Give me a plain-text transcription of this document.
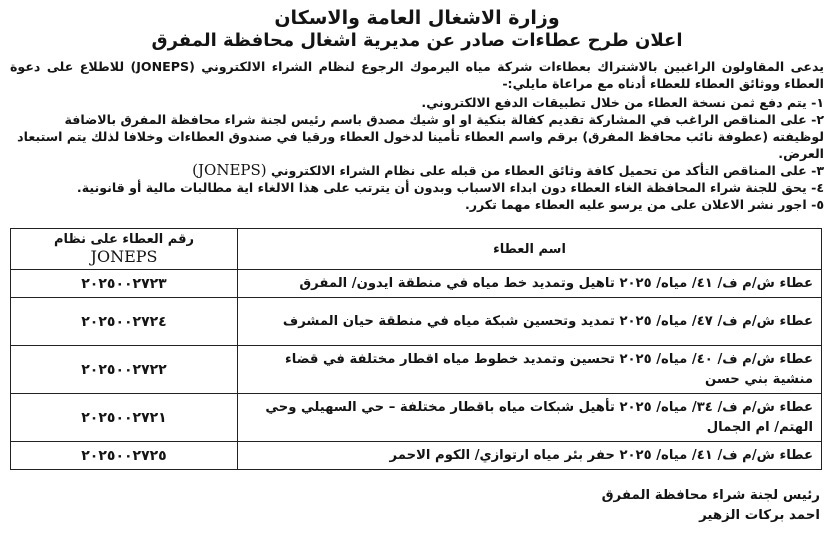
وزارة الاشغال العامة والاسكان
اعلان طرح عطاءات صادر عن مديرية اشغال محافظة المفرق

يدعى المقاولون الراغبين بالاشتراك بعطاءات شركة مياه اليرموك الرجوع لنظام الشراء الالكتروني (JONEPS) للاطلاع على دعوة العطاء ووثائق العطاء للعطاء أدناه مع مراعاة مايلي:-

١- يتم دفع ثمن نسخة العطاء من خلال تطبيقات الدفع الالكتروني.
٢- على المناقص الراغب في المشاركة تقديم كفالة بنكية او او شيك مصدق باسم رئيس لجنة شراء محافظة المفرق بالاضافة لوظيفته (عطوفة نائب محافظ المفرق) برقم واسم العطاء تأمينا لدخول العطاء ورقيا في صندوق العطاءات وخلافا لذلك يتم استبعاد العرض.
٣- على المناقص التأكد من تحميل كافة وثائق العطاء من قبله على نظام الشراء الالكتروني (JONEPS)
٤- يحق للجنة شراء المحافظة الغاء العطاء دون ابداء الاسباب وبدون أن يترتب على هذا الالغاء اية مطالبات مالية أو قانونية.
٥- اجور نشر الاعلان على من يرسو عليه العطاء مهما تكرر.
اسم العطاء	رقم العطاء على نظام JONEPS
عطاء ش/م ف/ ٤١/ مياه/ ٢٠٢٥ تاهيل وتمديد خط مياه في منطقة ايدون/ المفرق	٢٠٢٥٠٠٢٧٢٣
عطاء ش/م ف/ ٤٧/ مياه/ ٢٠٢٥ تمديد وتحسين شبكة مياه في منطقة حيان المشرف	٢٠٢٥٠٠٢٧٢٤
عطاء ش/م ف/ ٤٠/ مياه/ ٢٠٢٥ تحسين وتمديد خطوط مياه اقطار مختلفة في قضاء منشية بني حسن	٢٠٢٥٠٠٢٧٢٢
عطاء ش/م ف/ ٣٤/ مياه/ ٢٠٢٥ تأهيل شبكات مياه باقطار مختلفة – حي السهيلي وحي الهتم/ ام الجمال	٢٠٢٥٠٠٢٧٢١
عطاء ش/م ف/ ٤١/ مياه/ ٢٠٢٥ حفر بئر مياه ارتوازي/ الكوم الاحمر	٢٠٢٥٠٠٢٧٢٥
رئيس لجنة شراء محافظة المفرق
احمد بركات الزهير
